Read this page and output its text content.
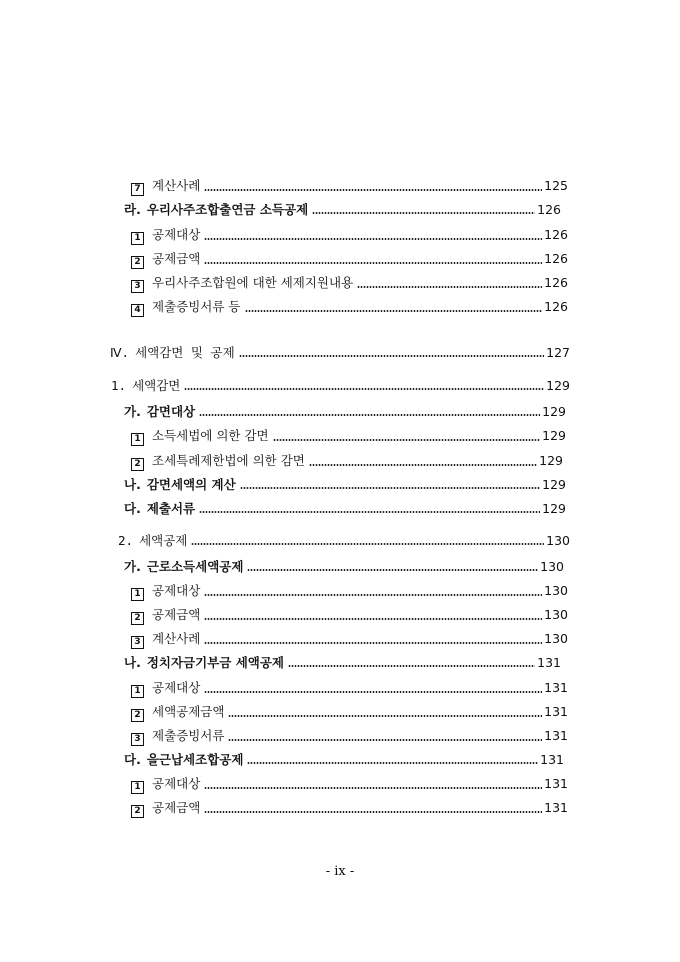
7 계산사례	125
라. 우리사주조합출연금 소득공제	126
1 공제대상	126
2 공제금액	126
3 우리사주조합원에 대한 세제지원내용	126
4 제출증빙서류 등	126
Ⅳ. 세액감면 및 공제	127
1. 세액감면	129
가. 감면대상	129
1 소득세법에 의한 감면	129
2 조세특례제한법에 의한 감면	129
나. 감면세액의 계산	129
다. 제출서류	129
2. 세액공제	130
가. 근로소득세액공제	130
1 공제대상	130
2 공제금액	130
3 계산사례	130
나. 정치자금기부금 세액공제	131
1 공제대상	131
2 세액공제금액	131
3 제출증빙서류	131
다. 을근납세조합공제	131
1 공제대상	131
2 공제금액	131
- ix -
